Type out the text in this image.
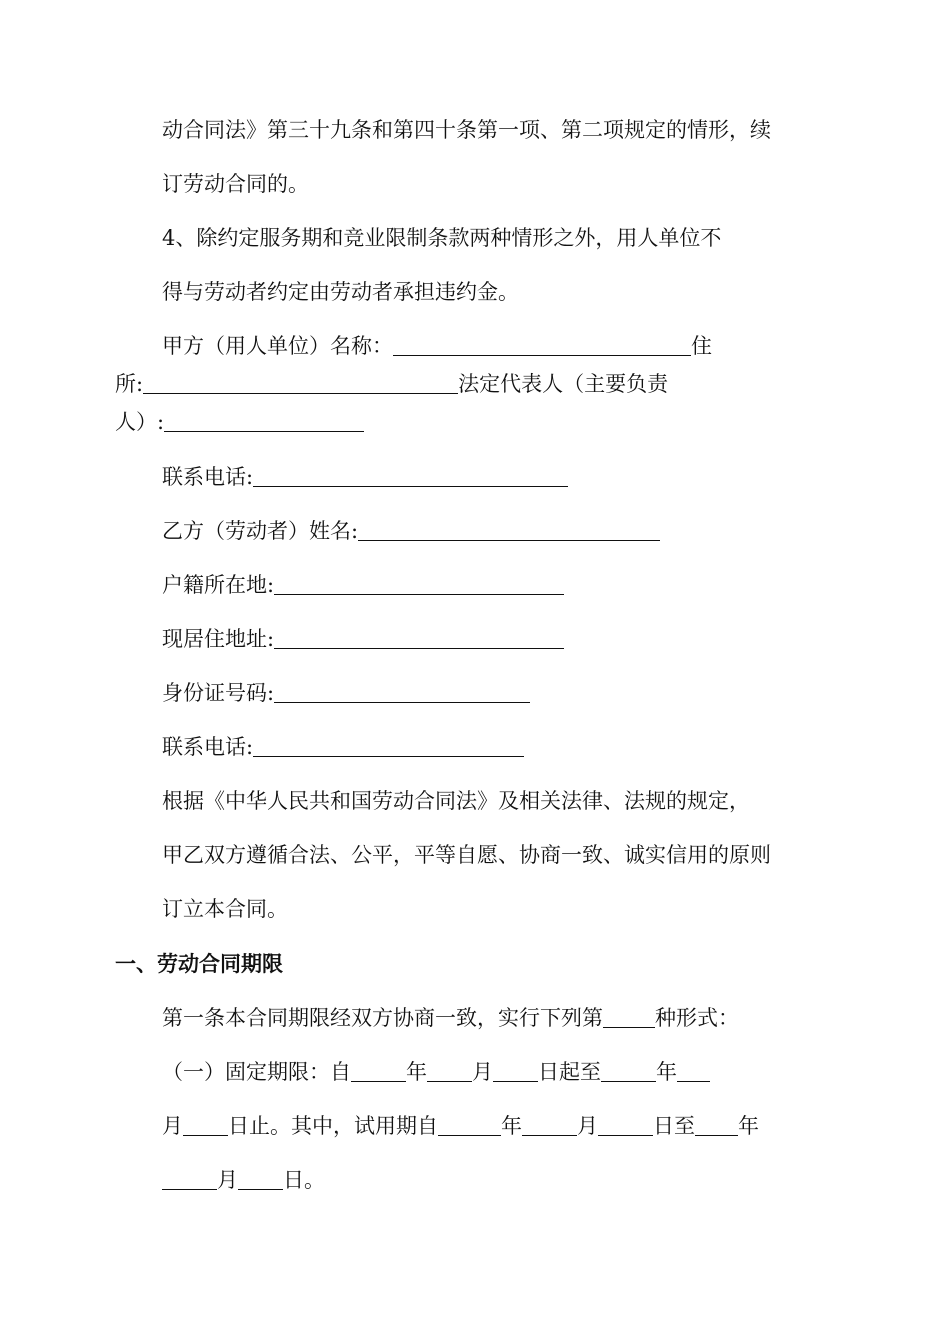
动合同法》第三十九条和第四十条第一项、第二项规定的情形，续
订劳动合同的。
4、除约定服务期和竞业限制条款两种情形之外，用人单位不
得与劳动者约定由劳动者承担违约金。
甲方（用人单位）名称：	住
所:	法定代表人（主要负责
人）:
联系电话:
乙方（劳动者）姓名:
户籍所在地:
现居住地址:
身份证号码:
联系电话:
根据《中华人民共和国劳动合同法》及相关法律、法规的规定，
甲乙双方遵循合法、公平，平等自愿、协商一致、诚实信用的原则
订立本合同。
一、劳动合同期限
第一条本合同期限经双方协商一致，实行下列第 种形式：
（一）固定期限：自	年 月 日起至	年
月 日止。其中，试用期自	年	月	日至 年
月 日。
